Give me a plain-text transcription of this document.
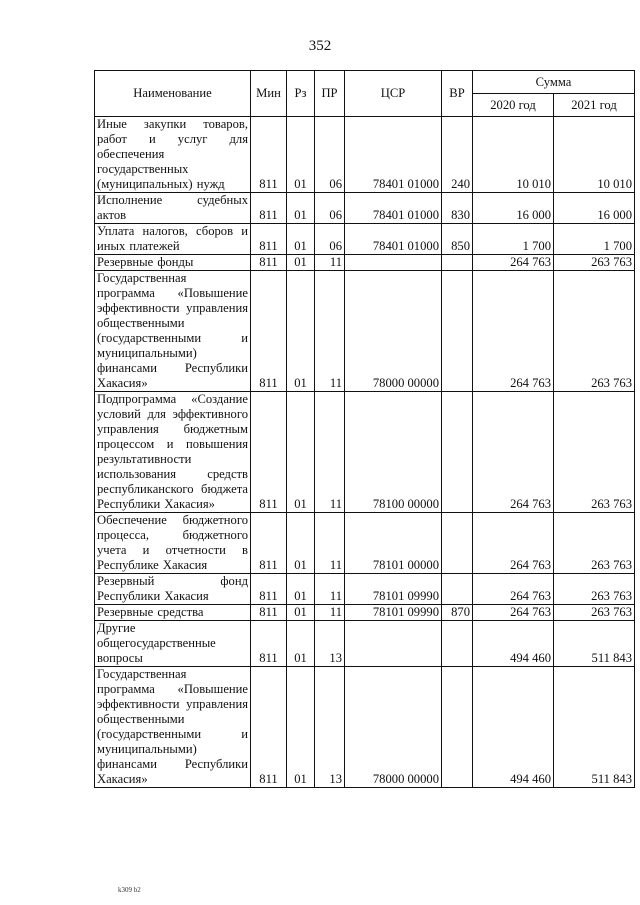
352
Наименование	Мин	Рз	ПР	ЦСР	ВР	Сумма	
						2020 год	2021 год
Иные закупки товаров, работ и услуг для обеспечения государственных (муниципальных) нужд	811	01	06	78401 01000	240	10 010	10 010
Исполнение судебных актов	811	01	06	78401 01000	830	16 000	16 000
Уплата налогов, сборов и иных платежей	811	01	06	78401 01000	850	1 700	1 700
Резервные фонды	811	01	11			264 763	263 763
Государственная программа «Повышение эффективности управления общественными (государственными и муниципальными) финансами Республики Хакасия»	811	01	11	78000 00000		264 763	263 763
Подпрограмма «Создание условий для эффективного управления бюджетным процессом и повышения результативности использования средств республиканского бюджета Республики Хакасия»	811	01	11	78100 00000		264 763	263 763
Обеспечение бюджетного процесса, бюджетного учета и отчетности в Республике Хакасия	811	01	11	78101 00000		264 763	263 763
Резервный фонд Республики Хакасия	811	01	11	78101 09990		264 763	263 763
Резервные средства	811	01	11	78101 09990	870	264 763	263 763
Другие общегосударственные вопросы	811	01	13			494 460	511 843
Государственная программа «Повышение эффективности управления общественными (государственными и муниципальными) финансами Республики Хакасия»	811	01	13	78000 00000		494 460	511 843
k309 b2
